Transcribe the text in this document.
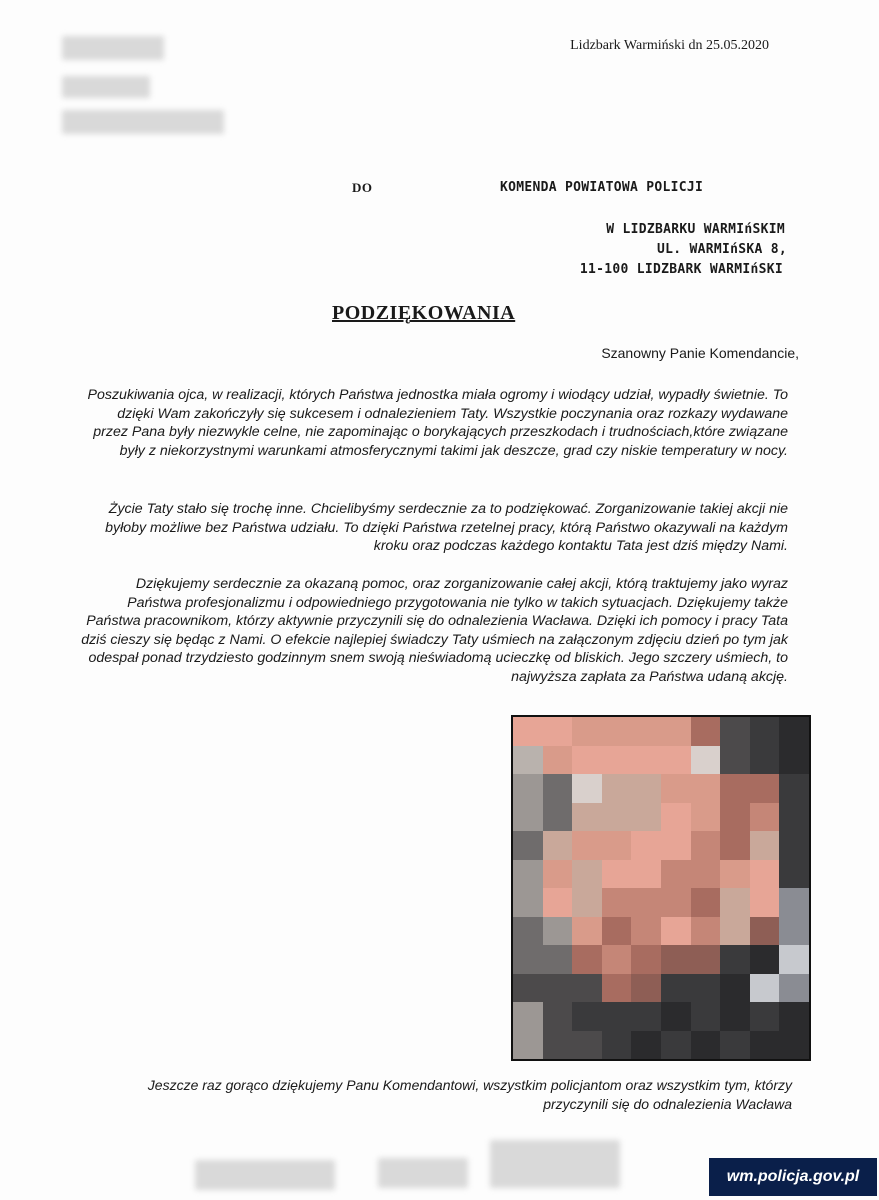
Lidzbark Warmiński dn 25.05.2020
DO	KOMENDA POWIATOWA POLICJI
W LIDZBARKU WARMIńSKIM
UL. WARMIńSKA 8,
11-100 LIDZBARK WARMIńSKI
PODZIĘKOWANIA
Szanowny Panie Komendancie,
Poszukiwania ojca, w realizacji, których Państwa jednostka miała ogromy i wiodący udział, wypadły świetnie. To dzięki Wam zakończyły się sukcesem i odnalezieniem Taty. Wszystkie poczynania oraz rozkazy wydawane przez Pana były niezwykle celne, nie zapominając o borykających przeszkodach i trudnościach,które związane były z niekorzystnymi warunkami atmosferycznymi takimi jak deszcze, grad czy niskie temperatury w nocy.
Życie Taty stało się trochę inne. Chcielibyśmy serdecznie za to podziękować. Zorganizowanie takiej akcji nie byłoby możliwe bez Państwa udziału. To dzięki Państwa rzetelnej pracy, którą Państwo okazywali na każdym kroku oraz podczas każdego kontaktu Tata jest dziś między Nami.
Dziękujemy serdecznie za okazaną pomoc, oraz zorganizowanie całej akcji, którą traktujemy jako wyraz Państwa profesjonalizmu i odpowiedniego przygotowania nie tylko w takich sytuacjach. Dziękujemy także Państwa pracownikom, którzy aktywnie przyczynili się do odnalezienia Wacława. Dzięki ich pomocy i pracy Tata dziś cieszy się będąc z Nami. O efekcie najlepiej świadczy Taty uśmiech na załączonym zdjęciu dzień po tym jak odespał ponad trzydziesto godzinnym snem swoją nieświadomą ucieczkę od bliskich. Jego szczery uśmiech, to najwyższa zapłata za Państwa udaną akcję.
Jeszcze raz gorąco dziękujemy Panu Komendantowi, wszystkim policjantom oraz wszystkim tym, którzy przyczynili się do odnalezienia Wacława
wm.policja.gov.pl
